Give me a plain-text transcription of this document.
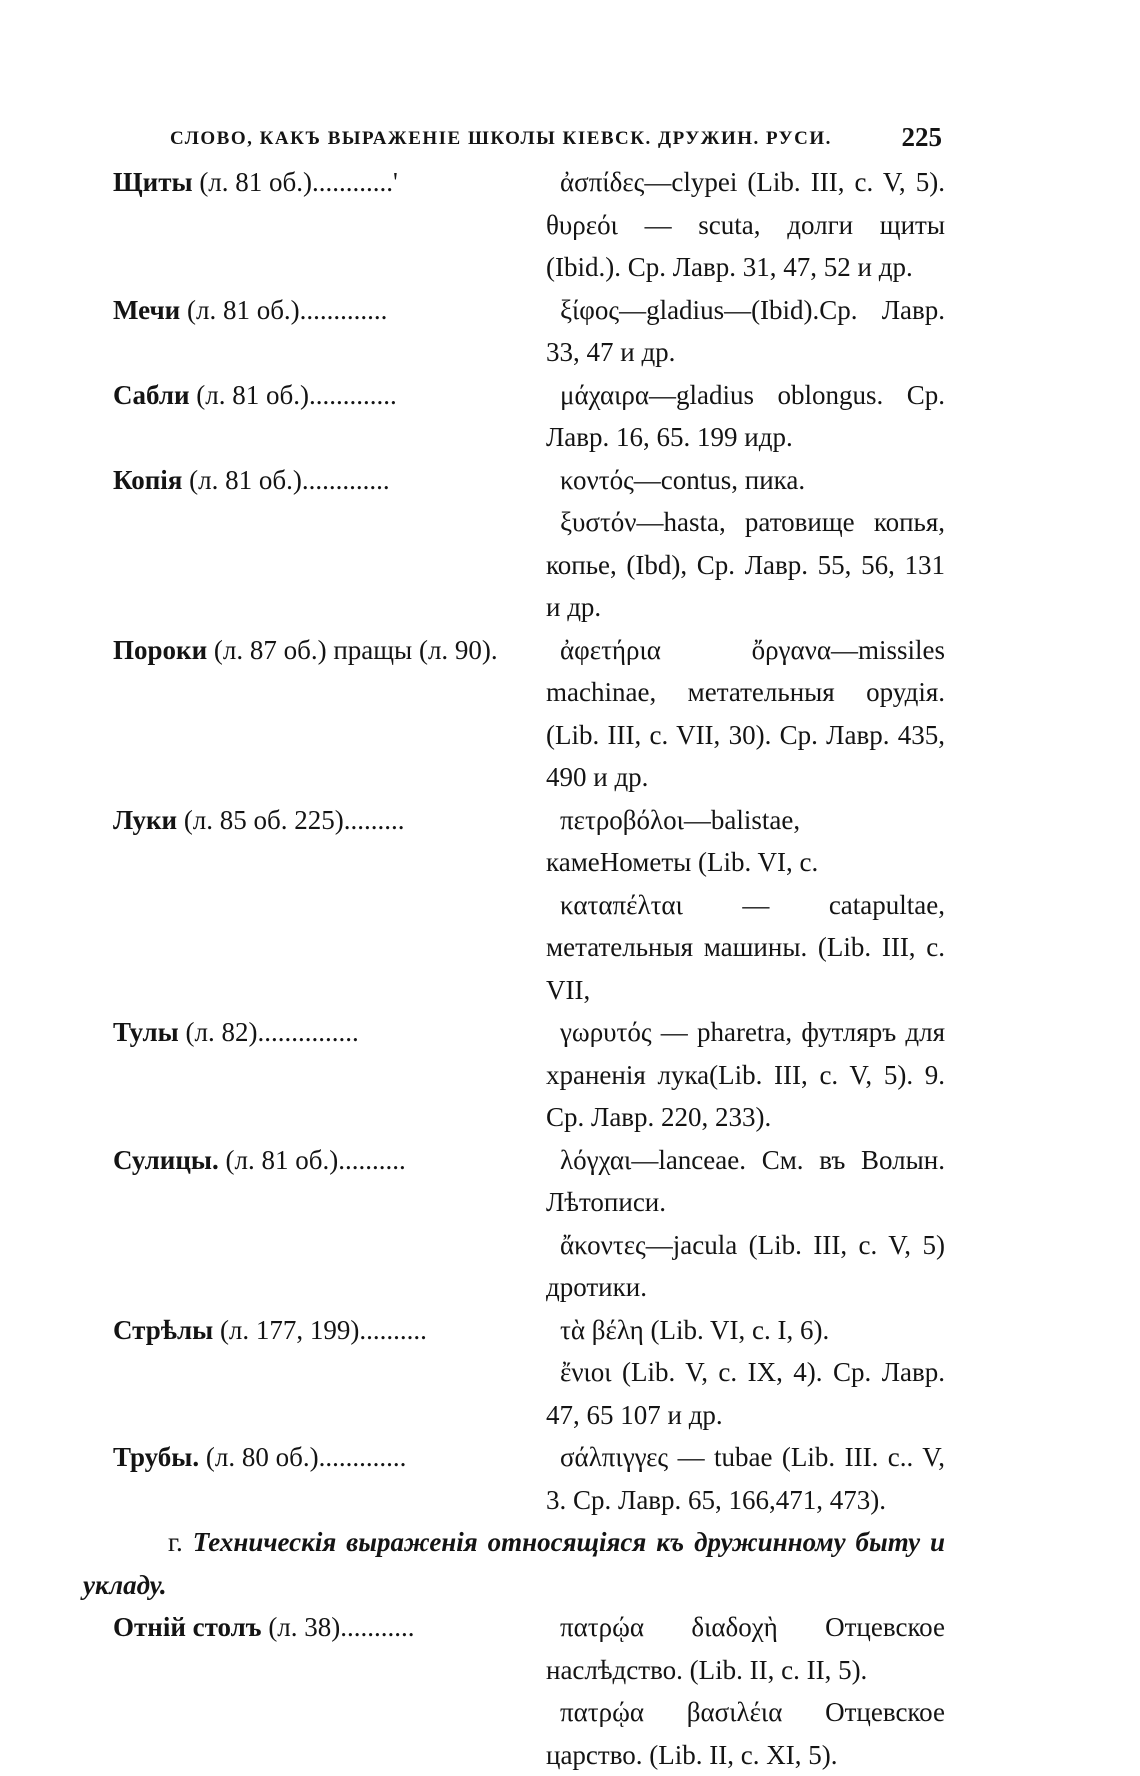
СЛОВО, КАКЪ ВЫРАЖЕНІЕ ШКОЛЫ КІЕВСК. ДРУЖИН. РУСИ.	225
Щиты (л. 81 об.)............'	ἀσπίδες—clypei (Lib. III, c. V, 5). θυρεόι — scuta, долги щиты (Ibid.). Ср. Лавр. 31, 47, 52 и др.
Мечи (л. 81 об.).............	ξίφος—gladius—(Ibid).Ср. Лавр. 33, 47 и др.
Сабли (л. 81 об.).............	μάχαιρα—gladius oblongus. Ср. Лавр. 16, 65. 199 идр.
Копія (л. 81 об.).............	κοντός—contus, пика.
ξυστόν—hasta, ратовище копья, копье, (Ibd), Ср. Лавр. 55, 56, 131 и др.
Пороки (л. 87 об.) пращы (л. 90).	ἀφετήρια ὄργανα—missiles machinae, метательныя орудія. (Lib. III, c. VII, 30). Ср. Лавр. 435, 490 и др.
Луки (л. 85 об. 225).........	πετροβόλοι—balistae, камеНометы (Lib. VI, c.
καταπέλται — catapultae, метательныя машины. (Lib. III, c. VII,
Тулы (л. 82)...............	γωρυτός — pharetra, футляръ для храненія лука(Lib. III, c. V, 5). 9. Ср. Лавр. 220, 233).
Сулицы. (л. 81 об.)..........	λόγχαι—lanceae. См. въ Волын. Лѣтописи.
ἄκοντες—jacula (Lib. III, c. V, 5) дротики.
Стрѣлы (л. 177, 199)..........	τὰ βέλη (Lib. VI, c. I, 6).
ἔνιοι (Lib. V, c. IX, 4). Ср. Лавр. 47, 65 107 и др.
Трубы. (л. 80 об.).............	σάλπιγγες — tubae (Lib. III. c.. V, 3. Ср. Лавр. 65, 166,471, 473).
г. Техническія выраженія относящіяся къ дружинному быту и укладу.
Отній столъ (л. 38)...........	πατρῴα διαδοχὴ Отцевское наслѣдство. (Lib. II, c. II, 5).
πατρῴα βασιλέια Отцевское царство. (Lib. II, c. XI, 5).
